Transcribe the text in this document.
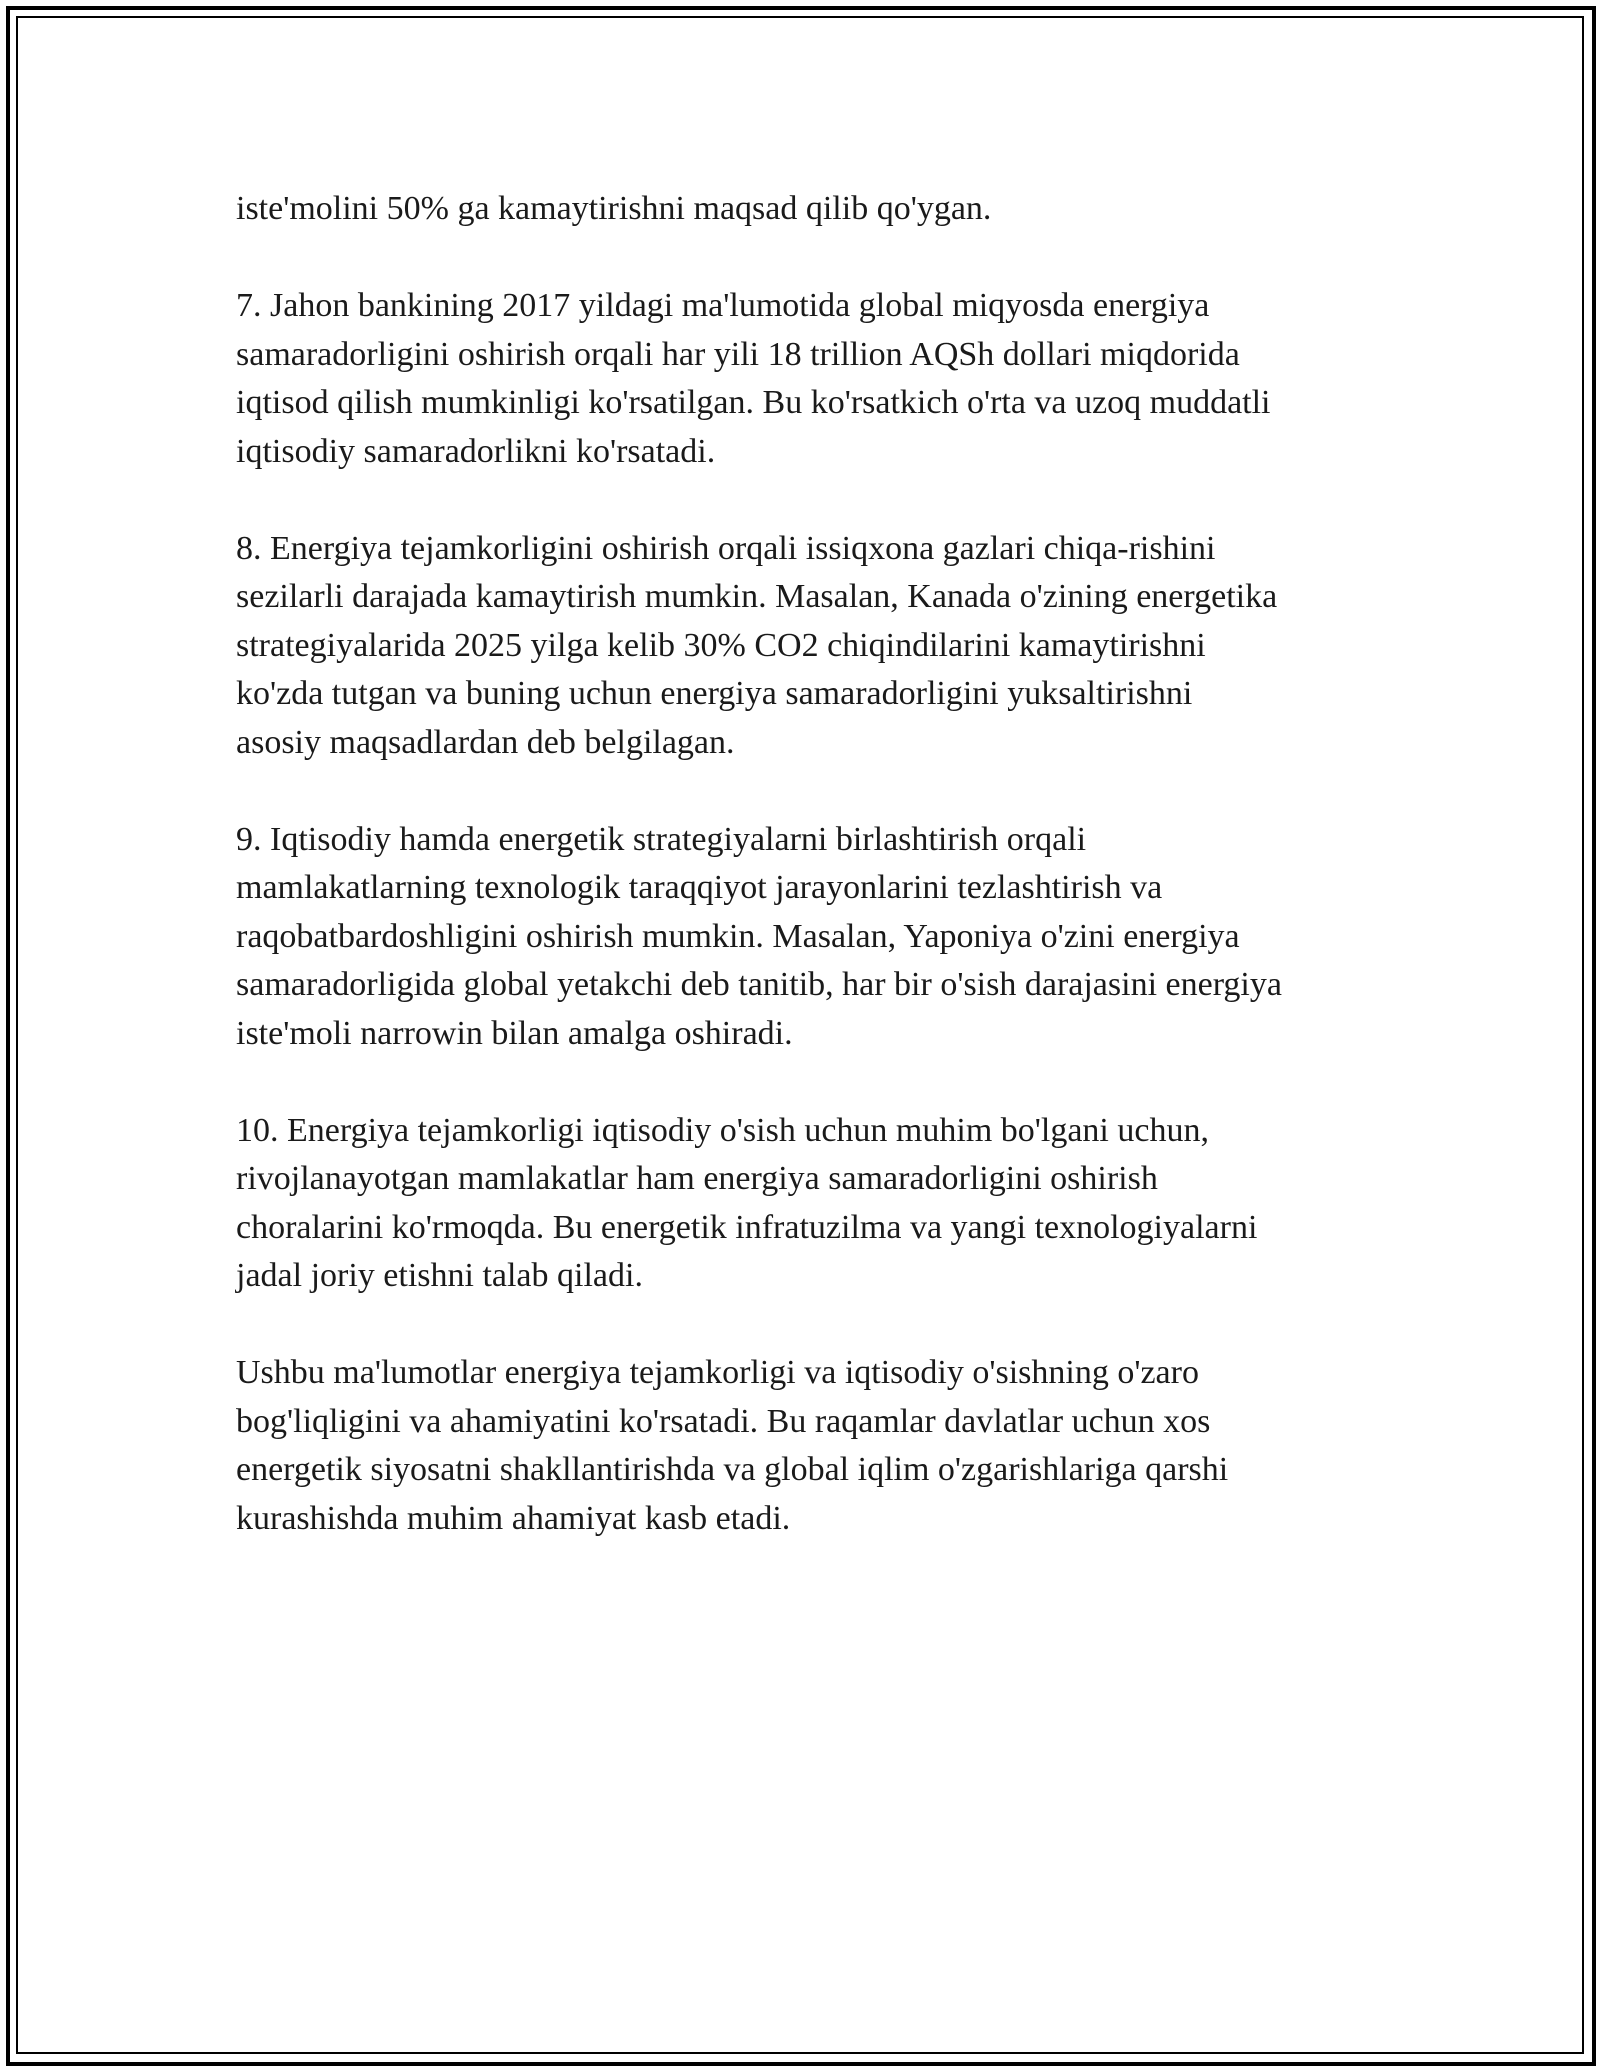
iste'molini 50% ga kamaytirishni maqsad qilib qo'ygan.

7. Jahon bankining 2017 yildagi ma'lumotida global miqyosda energiya
samaradorligini oshirish orqali har yili 18 trillion AQSh dollari miqdorida
iqtisod qilish mumkinligi ko'rsatilgan. Bu ko'rsatkich o'rta va uzoq muddatli
iqtisodiy samaradorlikni ko'rsatadi.

8. Energiya tejamkorligini oshirish orqali issiqxona gazlari chiqa-rishini
sezilarli darajada kamaytirish mumkin. Masalan, Kanada o'zining energetika
strategiyalarida 2025 yilga kelib 30% CO2 chiqindilarini kamaytirishni
ko'zda tutgan va buning uchun energiya samaradorligini yuksaltirishni
asosiy maqsadlardan deb belgilagan.

9. Iqtisodiy hamda energetik strategiyalarni birlashtirish orqali
mamlakatlarning texnologik taraqqiyot jarayonlarini tezlashtirish va
raqobatbardoshligini oshirish mumkin. Masalan, Yaponiya o'zini energiya
samaradorligida global yetakchi deb tanitib, har bir o'sish darajasini energiya
iste'moli narrowin bilan amalga oshiradi.

10. Energiya tejamkorligi iqtisodiy o'sish uchun muhim bo'lgani uchun,
rivojlanayotgan mamlakatlar ham energiya samaradorligini oshirish
choralarini ko'rmoqda. Bu energetik infratuzilma va yangi texnologiyalarni
jadal joriy etishni talab qiladi.

Ushbu ma'lumotlar energiya tejamkorligi va iqtisodiy o'sishning o'zaro
bog'liqligini va ahamiyatini ko'rsatadi. Bu raqamlar davlatlar uchun xos
energetik siyosatni shakllantirishda va global iqlim o'zgarishlariga qarshi
kurashishda muhim ahamiyat kasb etadi.
